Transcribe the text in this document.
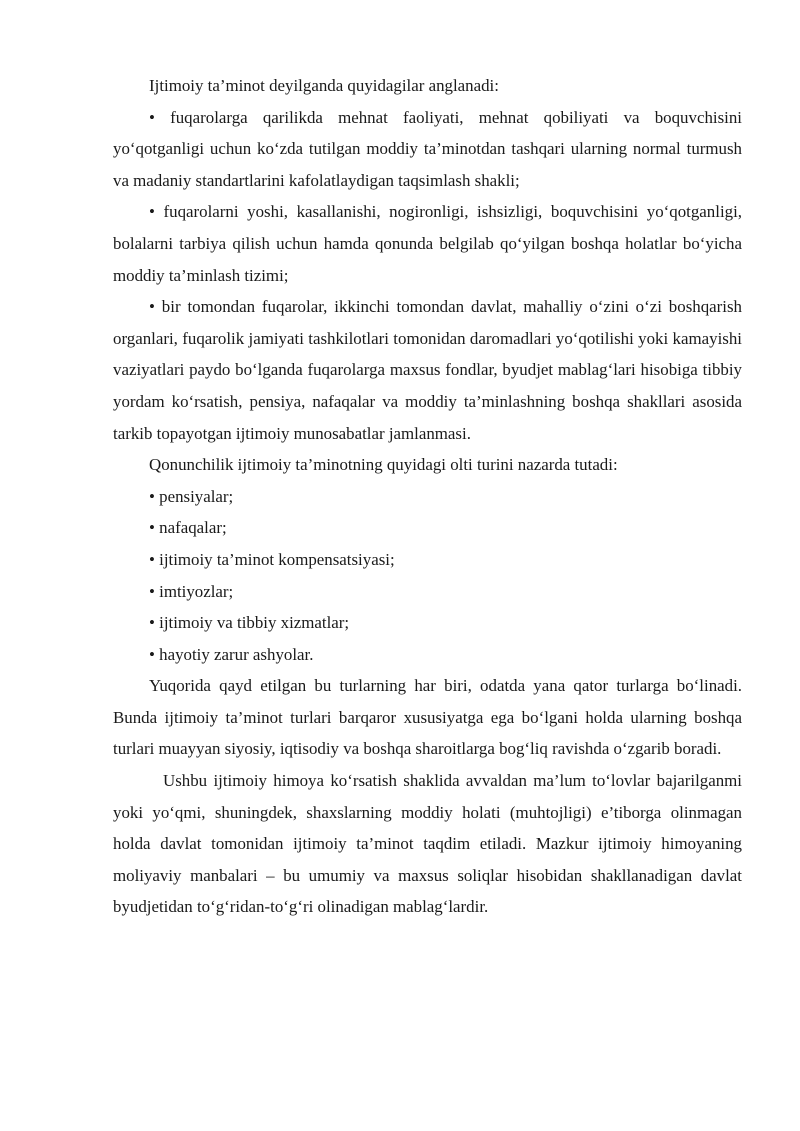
Ijtimoiy ta’minot deyilganda quyidagilar anglanadi:

• fuqarolarga qarilikda mehnat faoliyati, mehnat qobiliyati va boquvchisini yo‘qotganligi uchun ko‘zda tutilgan moddiy ta’minotdan tashqari ularning normal turmush va madaniy standartlarini kafolatlaydigan taqsimlash shakli;

• fuqarolarni yoshi, kasallanishi, nogironligi, ishsizligi, boquvchisini yo‘qotganligi, bolalarni tarbiya qilish uchun hamda qonunda belgilab qo‘yilgan boshqa holatlar bo‘yicha moddiy ta’minlash tizimi;

• bir tomondan fuqarolar, ikkinchi tomondan davlat, mahalliy o‘zini o‘zi boshqarish organlari, fuqarolik jamiyati tashkilotlari tomonidan daromadlari yo‘qotilishi yoki kamayishi vaziyatlari paydo bo‘lganda fuqarolarga maxsus fondlar, byudjet mablag‘lari hisobiga tibbiy yordam ko‘rsatish, pensiya, nafaqalar va moddiy ta’minlashning boshqa shakllari asosida tarkib topayotgan ijtimoiy munosabatlar jamlanmasi.

Qonunchilik ijtimoiy ta’minotning quyidagi olti turini nazarda tutadi:

• pensiyalar;

• nafaqalar;

• ijtimoiy ta’minot kompensatsiyasi;

• imtiyozlar;

• ijtimoiy va tibbiy xizmatlar;

• hayotiy zarur ashyolar.

Yuqorida qayd etilgan bu turlarning har biri, odatda yana qator turlarga bo‘linadi. Bunda ijtimoiy ta’minot turlari barqaror xususiyatga ega bo‘lgani holda ularning boshqa turlari muayyan siyosiy, iqtisodiy va boshqa sharoitlarga bog‘liq ravishda o‘zgarib boradi.

Ushbu ijtimoiy himoya ko‘rsatish shaklida avvaldan ma’lum to‘lovlar bajarilganmi yoki yo‘qmi, shuningdek, shaxslarning moddiy holati (muhtojligi) e’tiborga olinmagan holda davlat tomonidan ijtimoiy ta’minot taqdim etiladi. Mazkur ijtimoiy himoyaning moliyaviy manbalari – bu umumiy va maxsus soliqlar hisobidan shakllanadigan davlat byudjetidan to‘g‘ridan-to‘g‘ri olinadigan mablag‘lardir.
